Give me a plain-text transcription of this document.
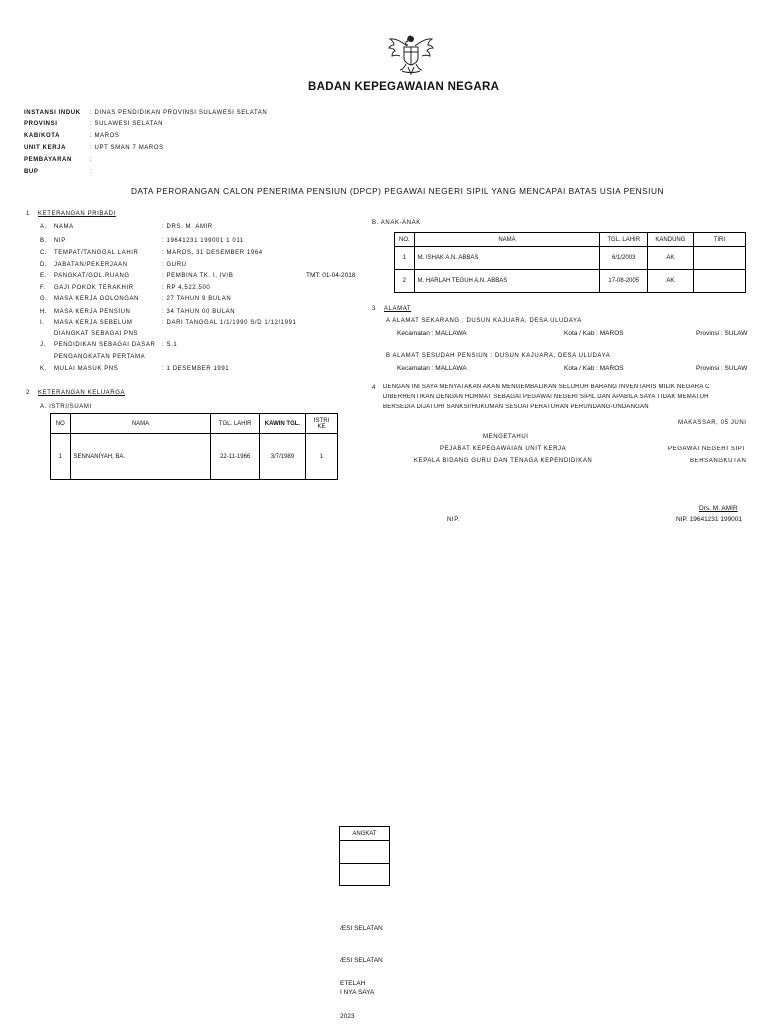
BADAN KEPEGAWAIAN NEGARA
INSTANSI INDUK : DINAS PENDIDIKAN PROVINSI SULAWESI SELATAN
PROVINSI	: SULAWESI SELATAN
KAB/KOTA	: MAROS
UNIT KERJA	: UPT SMAN 7 MAROS
PEMBAYARAN	:
BUP	:
DATA PERORANGAN CALON PENERIMA PENSIUN (DPCP) PEGAWAI NEGERI SIPIL YANG MENCAPAI BATAS USIA PENSIUN
1 KETERANGAN PRIBADI
A. NAMA	: DRS. M. AMIR
B. NIP	: 19641231 199001 1 011
C. TEMPAT/TANGGAL LAHIR	: MAROS, 31 DESEMBER 1964
D. JABATAN/PEKERJAAN	: GURU
E. PANGKAT/GOL.RUANG	: PEMBINA TK. I, IV/B	TMT: 01-04-2018
F. GAJI POKOK TERAKHIR	: RP 4,522,500
G. MASA KERJA GOLONGAN	: 27 TAHUN 9 BULAN
H. MASA KERJA PENSIUN	: 34 TAHUN 00 BULAN
I. MASA KERJA SEBELUM	: DARI TANGGAL 1/1/1990 S/D 1/12/1991
DIANGKAT SEBAGAI PNS
J. PENDIDIKAN SEBAGAI DASAR : S.1
PENGANGKATAN PERTAMA
K. MULAI MASUK PNS	: 1 DESEMBER 1991
2 KETERANGAN KELUARGA
A. ISTRI/SUAMI
NO	NAMA	TGL. LAHIR	KAWIN TGL.	ISTRI KE
1	SENNANIYAH, BA.	22-11-1966	3/7/1989	1
B. ANAK-ANAK
NO.	NAMA	TGL. LAHIR	KANDUNG	TIRI
1	M. ISHAK A.N. ABBAS	6/1/2003	AK	
2	M. HARLAH TEGUH A.N. ABBAS	17-08-2005	AK	
3 ALAMAT
A ALAMAT SEKARANG : DUSUN KAJUARA, DESA ULUDAYA
Kecamatan : MALLAWA	Kota / Kab : MAROS	Provinsi : SULAW
B ALAMAT SESUDAH PENSIUN : DUSUN KAJUARA, DESA ULUDAYA
Kecamatan : MALLAWA	Kota / Kab : MAROS	Provinsi : SULAW
4 DENGAN INI SAYA MENYATAKAN AKAN MENGEMBALIKAN SELURUH BARANG INVENTARIS MILIK NEGARA C
DIBERHENTIKAN DENGAN HORMAT SEBAGAI PEGAWAI NEGERI SIPIL DAN APABILA SAYA TIDAK MEMATUH
BERSEDIA DIJATUHI SANKSI/HUKUMAN SESUAI PERATURAN PERUNDANG-UNDANGAN
MAKASSAR, 05 JUNI
MENGETAHUI
PEJABAT KEPEGAWAIAN UNIT KERJA	PEGAWAI NEGERI SIPI
KEPALA BIDANG GURU DAN TENAGA KEPENDIDIKAN	BERSANGKUTAN
Drs. M. AMIR
NIP.	NIP. 19641231 199001
ANGKAT

/ESI SELATAN
/ESI SELATAN
ETELAH
I NYA SAYA
2023
